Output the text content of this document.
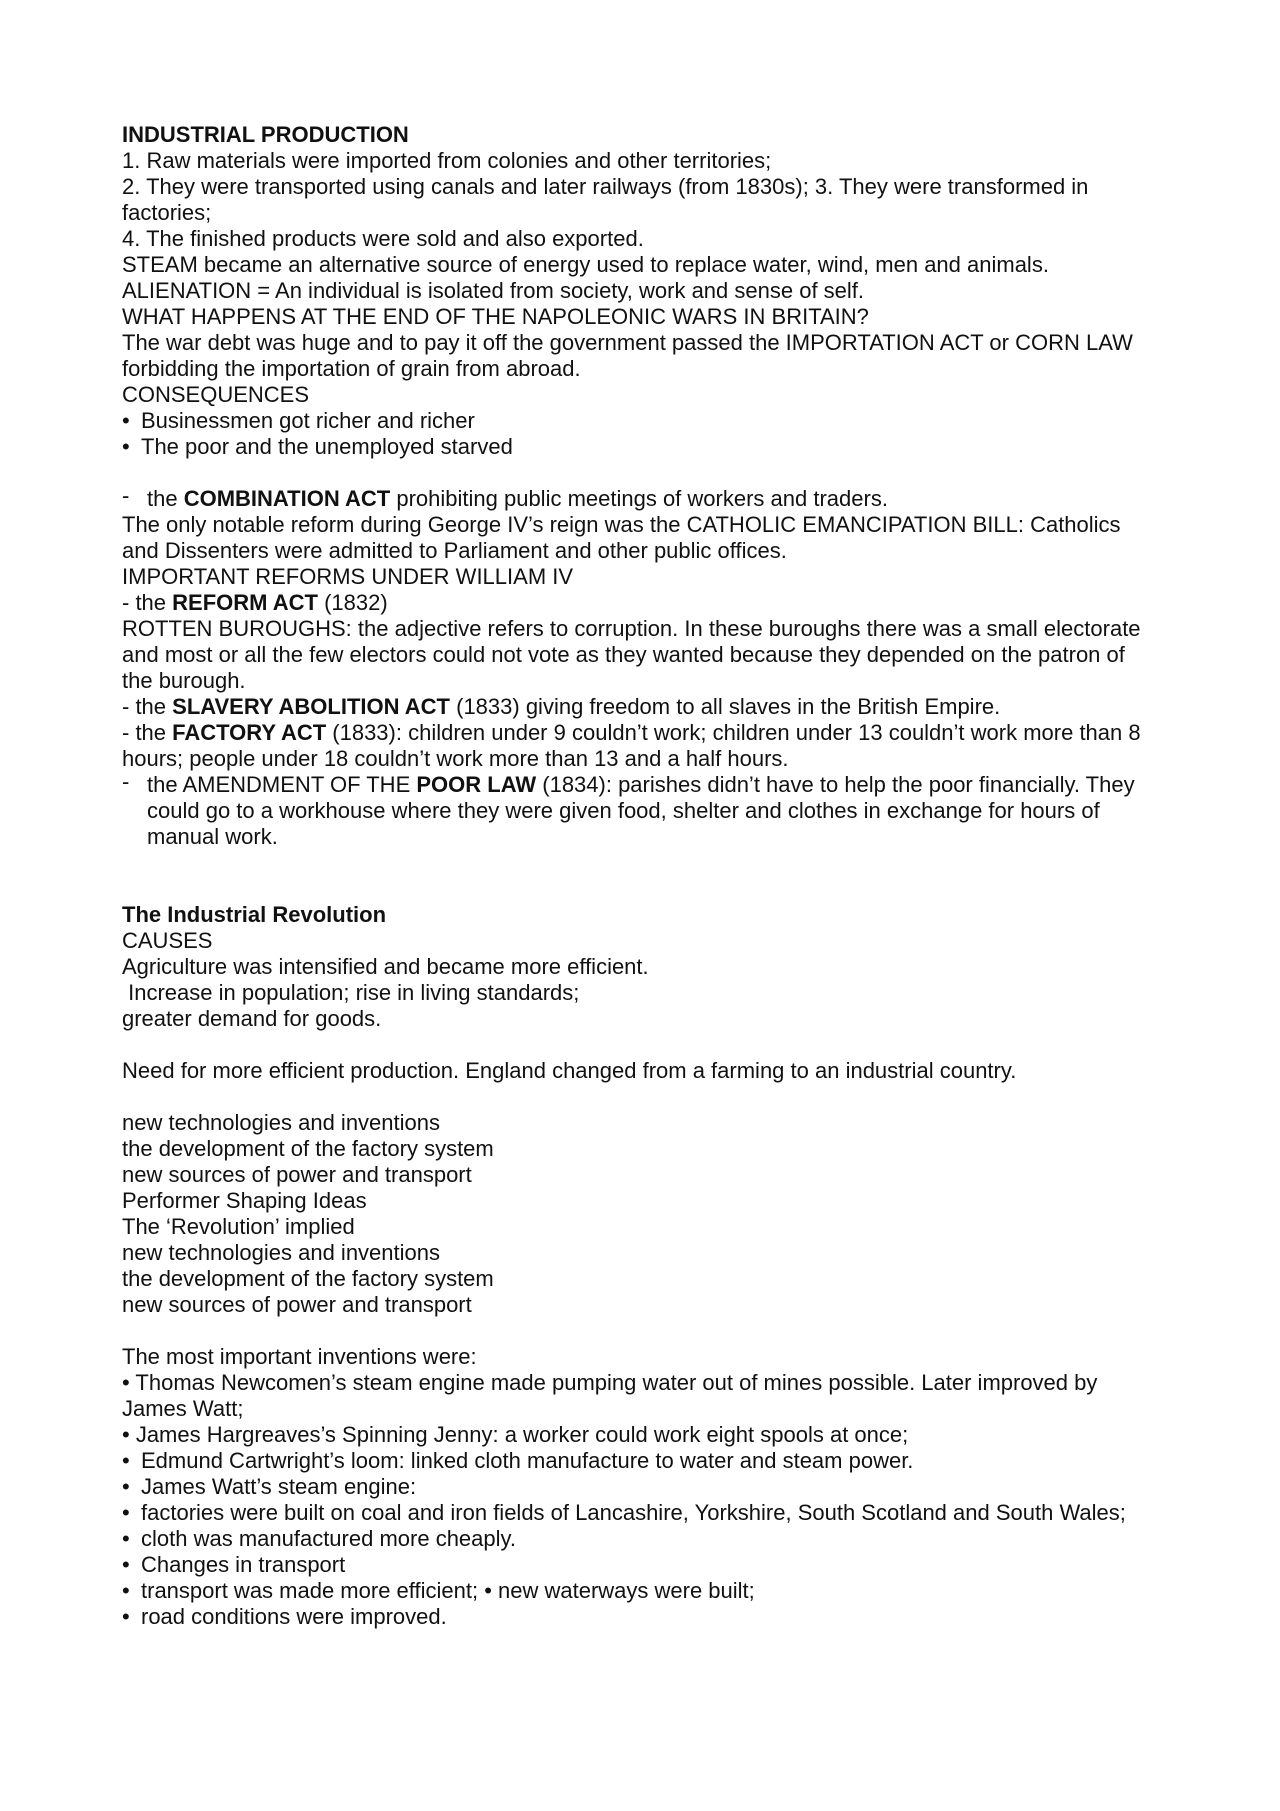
INDUSTRIAL PRODUCTION
1. Raw materials were imported from colonies and other territories;
2. They were transported using canals and later railways (from 1830s); 3. They were transformed in factories;
4. The finished products were sold and also exported.
STEAM became an alternative source of energy used to replace water, wind, men and animals.
ALIENATION = An individual is isolated from society, work and sense of self.
WHAT HAPPENS AT THE END OF THE NAPOLEONIC WARS IN BRITAIN?
The war debt was huge and to pay it off the government passed the IMPORTATION ACT or CORN LAW forbidding the importation of grain from abroad.
CONSEQUENCES
• Businessmen got richer and richer
• The poor and the unemployed starved
- the COMBINATION ACT prohibiting public meetings of workers and traders.
The only notable reform during George IV’s reign was the CATHOLIC EMANCIPATION BILL: Catholics and Dissenters were admitted to Parliament and other public offices.
IMPORTANT REFORMS UNDER WILLIAM IV
- the REFORM ACT (1832)
ROTTEN BUROUGHS: the adjective refers to corruption. In these buroughs there was a small electorate and most or all the few electors could not vote as they wanted because they depended on the patron of the burough.
- the SLAVERY ABOLITION ACT (1833) giving freedom to all slaves in the British Empire.
- the FACTORY ACT (1833): children under 9 couldn’t work; children under 13 couldn’t work more than 8 hours; people under 18 couldn’t work more than 13 and a half hours.
- the AMENDMENT OF THE POOR LAW (1834): parishes didn’t have to help the poor financially. They could go to a workhouse where they were given food, shelter and clothes in exchange for hours of manual work.
The Industrial Revolution
CAUSES
Agriculture was intensified and became more efficient.
Increase in population; rise in living standards;
greater demand for goods.
Need for more efficient production. England changed from a farming to an industrial country.
new technologies and inventions
the development of the factory system
new sources of power and transport
Performer Shaping Ideas
The ‘Revolution’ implied
new technologies and inventions
the development of the factory system
new sources of power and transport
The most important inventions were:
• Thomas Newcomen’s steam engine made pumping water out of mines possible. Later improved by James Watt;
• James Hargreaves’s Spinning Jenny: a worker could work eight spools at once;
• Edmund Cartwright’s loom: linked cloth manufacture to water and steam power.
• James Watt’s steam engine:
• factories were built on coal and iron fields of Lancashire, Yorkshire, South Scotland and South Wales;
• cloth was manufactured more cheaply.
• Changes in transport
• transport was made more efficient; • new waterways were built;
• road conditions were improved.
